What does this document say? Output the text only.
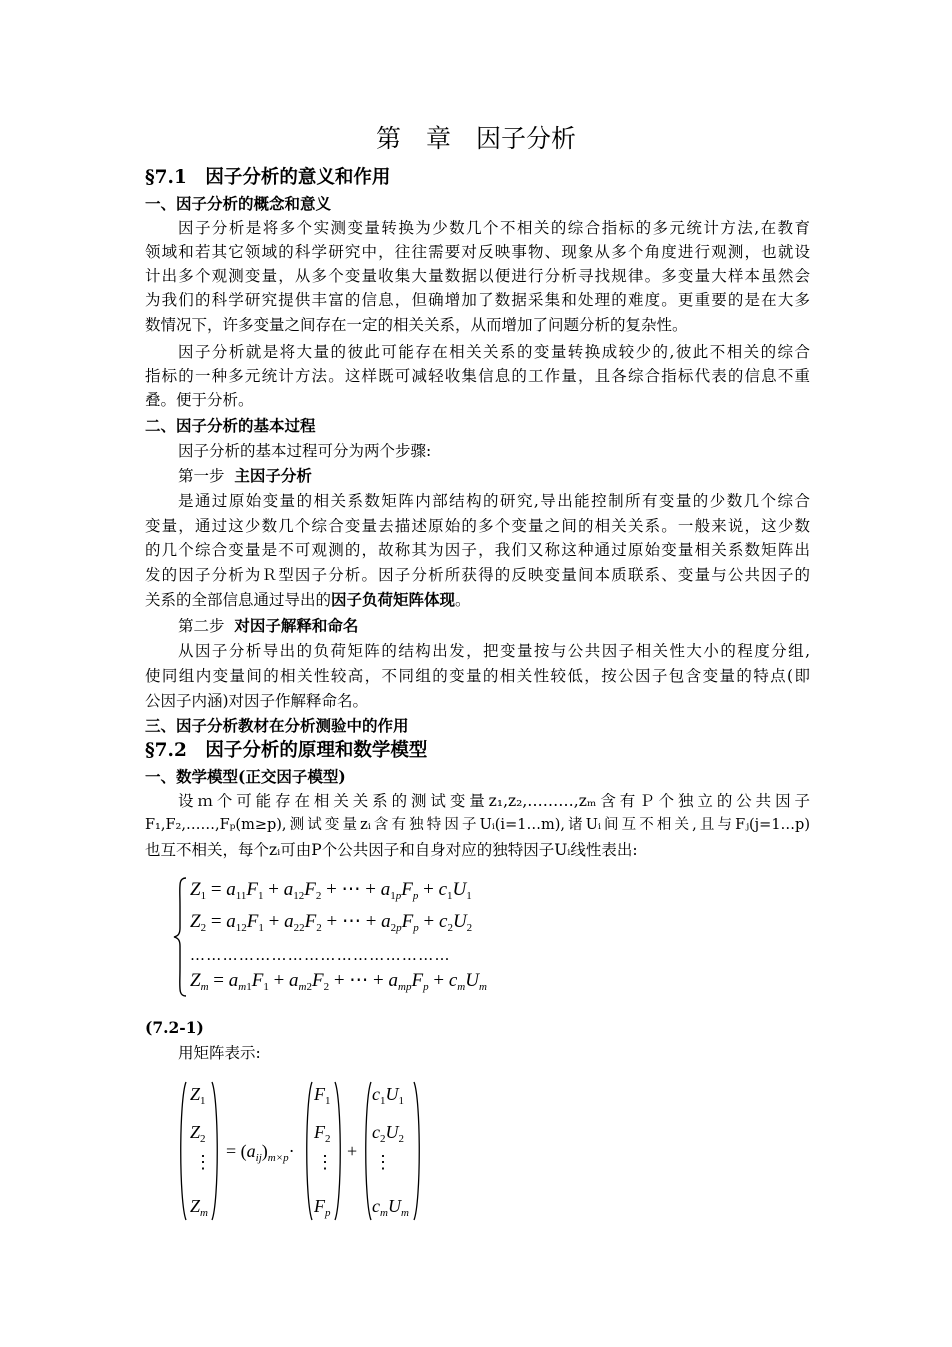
第　章　因子分析
§7.1　因子分析的意义和作用
一、因子分析的概念和意义
因子分析是将多个实测变量转换为少数几个不相关的综合指标的多元统计方法,在教育
领域和若其它领域的科学研究中，往往需要对反映事物、现象从多个角度进行观测，也就设
计出多个观测变量，从多个变量收集大量数据以便进行分析寻找规律。多变量大样本虽然会
为我们的科学研究提供丰富的信息，但确增加了数据采集和处理的难度。更重要的是在大多
数情况下，许多变量之间存在一定的相关关系，从而增加了问题分析的复杂性。
因子分析就是将大量的彼此可能存在相关关系的变量转换成较少的,彼此不相关的综合
指标的一种多元统计方法。这样既可减轻收集信息的工作量，且各综合指标代表的信息不重
叠。便于分析。
二、因子分析的基本过程
因子分析的基本过程可分为两个步骤:
第一步 主因子分析
是通过原始变量的相关系数矩阵内部结构的研究,导出能控制所有变量的少数几个综合
变量，通过这少数几个综合变量去描述原始的多个变量之间的相关关系。一般来说，这少数
的几个综合变量是不可观测的，故称其为因子，我们又称这种通过原始变量相关系数矩阵出
发的因子分析为Ｒ型因子分析。因子分析所获得的反映变量间本质联系、变量与公共因子的
关系的全部信息通过导出的因子负荷矩阵体现。
第二步 对因子解释和命名
从因子分析导出的负荷矩阵的结构出发，把变量按与公共因子相关性大小的程度分组,
使同组内变量间的相关性较高，不同组的变量的相关性较低，按公因子包含变量的特点(即
公因子内涵)对因子作解释命名。
三、因子分析教材在分析测验中的作用
§7.2　因子分析的原理和数学模型
一、数学模型(正交因子模型)
设ｍ个可能存在相关关系的测试变量z₁,z₂,………,zₘ含有Ｐ个独立的公共因子
F₁,F₂,……,Fₚ(m≥p),测试变量zᵢ含有独特因子Uᵢ(i=1…m),诸Uᵢ间互不相关,且与Fⱼ(j=1…p)
也互不相关，每个zᵢ可由P个公共因子和自身对应的独特因子Uᵢ线性表出:
$Z_1 = a_{11}F_1 + a_{12}F_2$ + ⋯ + $a_{1p}F_p + c_1U_1$
$Z_2 = a_{12}F_1 + a_{22}F_2$ + ⋯ + $a_{2p}F_p + c_2U_2$
…………………………………………
$Z_m = a_{m1}F_1 + a_{m2}F_2$ + ⋯ + $a_{mp}F_p + c_mU_m$
(7.2-1)
用矩阵表示:
$Z_1$
$Z_2$
⋮
$Z_m$
= $(a_{ij})_{m\times p}\cdot$
$F_1$
$F_2$
⋮
$F_p$
+
$c_1U_1$
$c_2U_2$
⋮
$c_mU_m$
